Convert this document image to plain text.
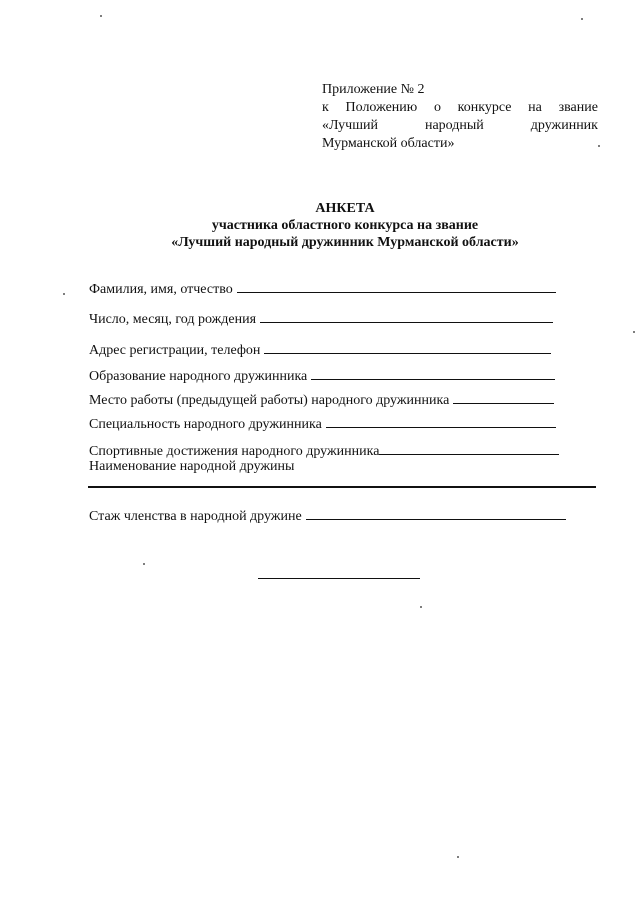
Приложение № 2
к Положению о конкурсе на звание
«Лучший	народный	дружинник
Мурманской области»
АНКЕТА
участника областного конкурса на звание
«Лучший народный дружинник Мурманской области»
Фамилия, имя, отчество
Число, месяц, год рождения
Адрес регистрации, телефон
Образование народного дружинника
Место работы (предыдущей работы) народного дружинника
Специальность народного дружинника
Спортивные достижения народного дружинника
Наименование народной дружины
Стаж членства в народной дружине
